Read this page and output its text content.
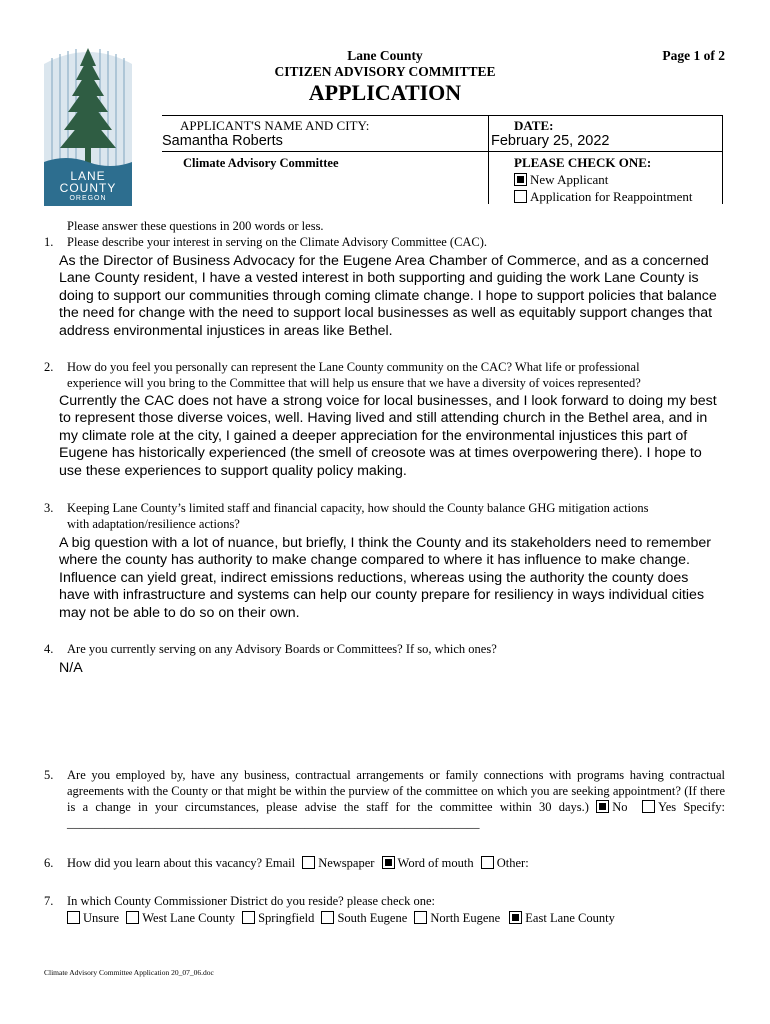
LANE
COUNTY
OREGON
Lane County
CITIZEN ADVISORY COMMITTEE
APPLICATION
Page 1 of 2
APPLICANT'S NAME AND CITY:
Samantha Roberts
Climate Advisory Committee
DATE:
February 25, 2022
PLEASE CHECK ONE:
New Applicant
Application for Reappointment
Please answer these questions in 200 words or less.
1. Please describe your interest in serving on the Climate Advisory Committee (CAC).
As the Director of Business Advocacy for the Eugene Area Chamber of Commerce, and as a concerned Lane County resident, I have a vested interest in both supporting and guiding the work Lane County is doing to support our communities through coming climate change. I hope to support policies that balance the need for change with the need to support local businesses as well as equitably support changes that address environmental injustices in areas like Bethel.
2. How do you feel you personally can represent the Lane County community on the CAC? What life or professional
experience will you bring to the Committee that will help us ensure that we have a diversity of voices represented?
Currently the CAC does not have a strong voice for local businesses, and I look forward to doing my best to represent those diverse voices, well. Having lived and still attending church in the Bethel area, and in my climate role at the city, I gained a deeper appreciation for the environmental injustices this part of Eugene has historically experienced (the smell of creosote was at times overpowering there). I hope to use these experiences to support quality policy making.
3. Keeping Lane County’s limited staff and financial capacity, how should the County balance GHG mitigation actions
with adaptation/resilience actions?
A big question with a lot of nuance, but briefly, I think the County and its stakeholders need to remember where the county has authority to make change compared to where it has influence to make change. Influence can yield great, indirect emissions reductions, whereas using the authority the county does have with infrastructure and systems can help our county prepare for resiliency in ways individual cities may not be able to do so on their own.
4. Are you currently serving on any Advisory Boards or Committees? If so, which ones?
N/A
5. Are you employed by, have any business, contractual arrangements or family connections with programs having contractual agreements with the County or that might be within the purview of the committee on which you are seeking appointment? (If there is a change in your circumstances, please advise the staff for the committee within 30 days.) No Yes Specify: __________________________________________________________________
6. How did you learn about this vacancy? Email Newspaper Word of mouth Other:
7. In which County Commissioner District do you reside? please check one:
Unsure West Lane County Springfield South Eugene North Eugene East Lane County
Climate Advisory Committee Application 20_07_06.doc
